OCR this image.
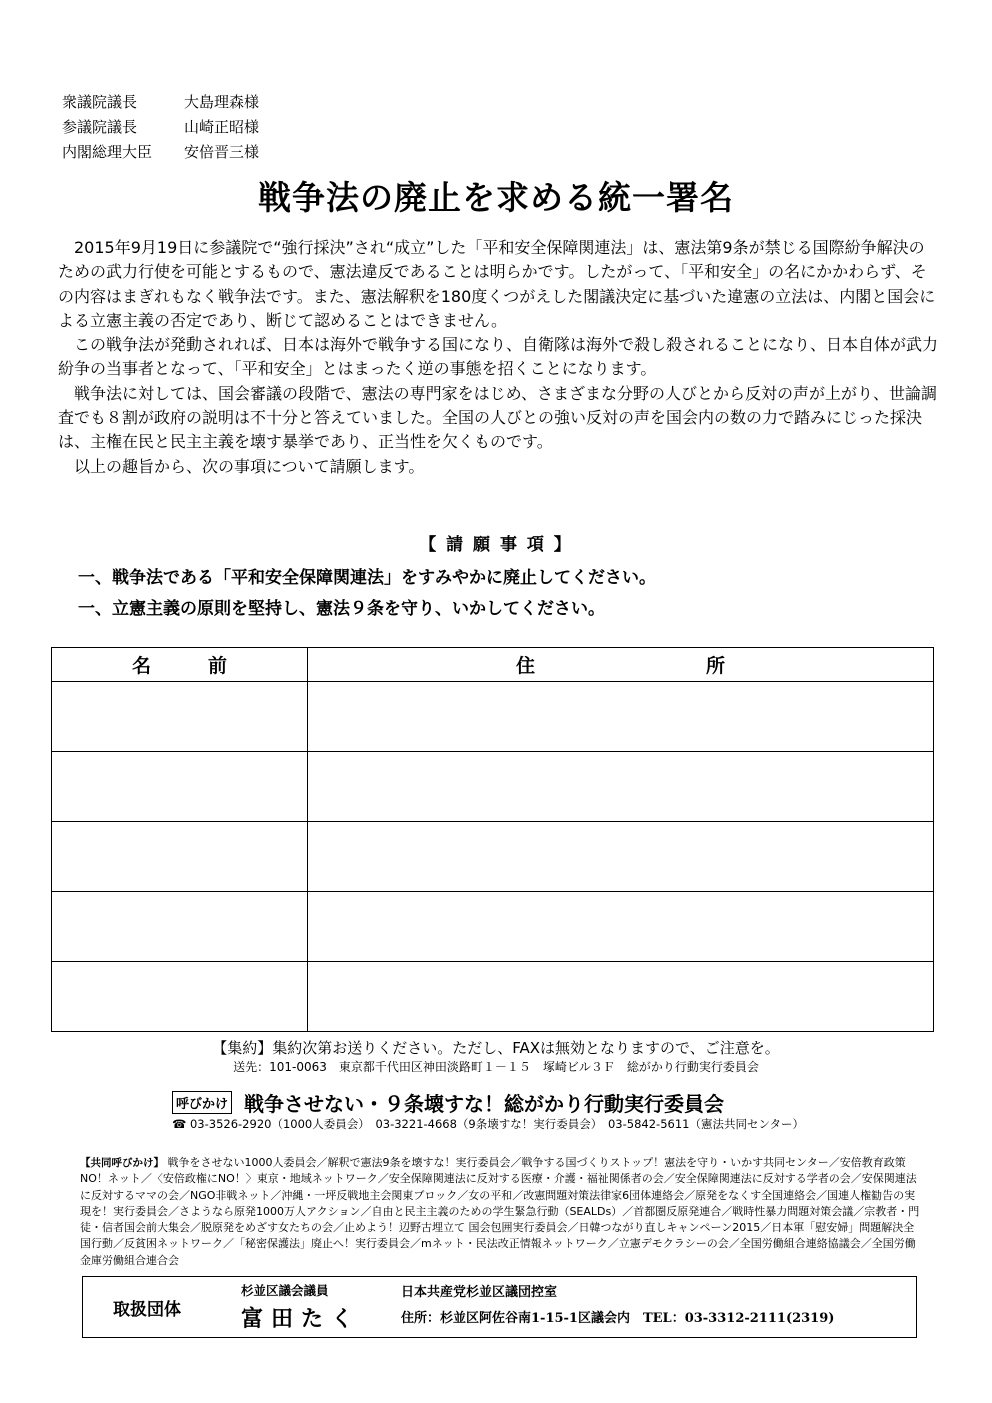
衆議院議長	大島理森様
参議院議長	山崎正昭様
内閣総理大臣	安倍晋三様
戦争法の廃止を求める統一署名

2015年9月19日に参議院で“強行採決”され“成立”した「平和安全保障関連法」は、憲法第9条が禁じる国際紛争解決のための武力行使を可能とするもので、憲法違反であることは明らかです。したがって、「平和安全」の名にかかわらず、その内容はまぎれもなく戦争法です。また、憲法解釈を180度くつがえした閣議決定に基づいた違憲の立法は、内閣と国会による立憲主義の否定であり、断じて認めることはできません。

この戦争法が発動されれば、日本は海外で戦争する国になり、自衛隊は海外で殺し殺されることになり、日本自体が武力紛争の当事者となって、「平和安全」とはまったく逆の事態を招くことになります。

戦争法に対しては、国会審議の段階で、憲法の専門家をはじめ、さまざまな分野の人びとから反対の声が上がり、世論調査でも８割が政府の説明は不十分と答えていました。全国の人びとの強い反対の声を国会内の数の力で踏みにじった採決は、主権在民と民主主義を壊す暴挙であり、正当性を欠くものです。

以上の趣旨から、次の事項について請願します。

【 請 願 事 項 】
一、戦争法である「平和安全保障関連法」をすみやかに廃止してください。
一、立憲主義の原則を堅持し、憲法９条を守り、いかしてください。
名　　　前	住　　　　　　　　　所

【集約】集約次第お送りください。ただし、FAXは無効となりますので、ご注意を。
送先：101-0063　東京都千代田区神田淡路町１－１５　塚崎ビル３Ｆ　総がかり行動実行委員会
呼びかけ 戦争させない・９条壊すな！総がかり行動実行委員会
☎ 03-3526-2920（1000人委員会）　03-3221-4668（9条壊すな！実行委員会）　03-5842-5611（憲法共同センター）
【共同呼びかけ】 戦争をさせない1000人委員会／解釈で憲法9条を壊すな！実行委員会／戦争する国づくりストップ！憲法を守り・いかす共同センター／安倍教育政策NO！ネット／〈安倍政権にNO！〉東京・地域ネットワーク／安全保障関連法に反対する医療・介護・福祉関係者の会／安全保障関連法に反対する学者の会／安保関連法に反対するママの会／NGO非戦ネット／沖縄・一坪反戦地主会関東ブロック／女の平和／改憲問題対策法律家6団体連絡会／原発をなくす全国連絡会／国連人権勧告の実現を！実行委員会／さようなら原発1000万人アクション／自由と民主主義のための学生緊急行動（SEALDs）／首都圏反原発連合／戦時性暴力問題対策会議／宗教者・門徒・信者国会前大集会／脱原発をめざす女たちの会／止めよう！辺野古埋立て 国会包囲実行委員会／日韓つながり直しキャンペーン2015／日本軍「慰安婦」問題解決全国行動／反貧困ネットワーク／「秘密保護法」廃止へ！実行委員会／mネット・民法改正情報ネットワーク／立憲デモクラシーの会／全国労働組合連絡協議会／全国労働金庫労働組合連合会
取扱団体
杉並区議会議員
富田たく
日本共産党杉並区議団控室
住所：杉並区阿佐谷南1-15-1区議会内　TEL：03-3312-2111(2319)
